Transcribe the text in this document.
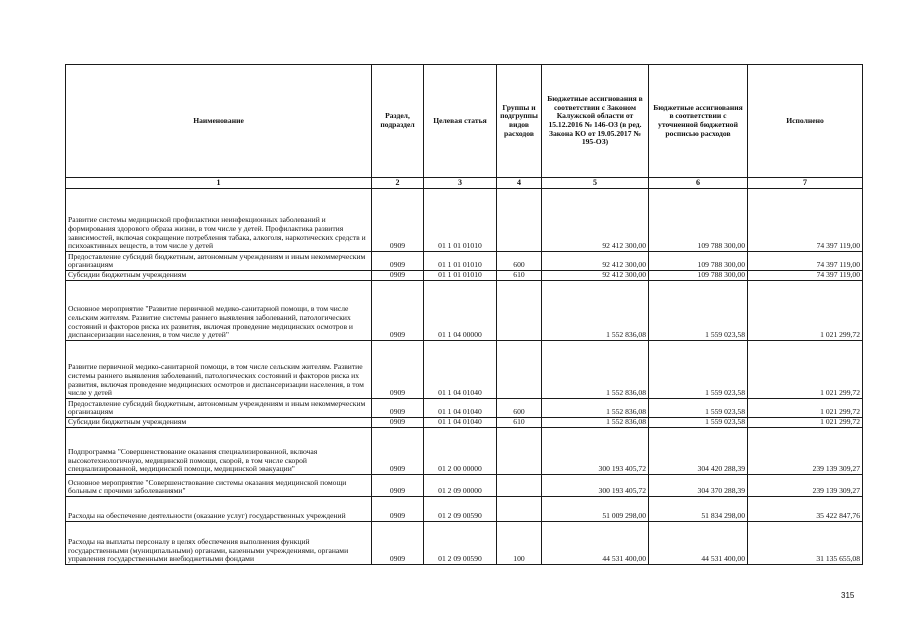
Наименование	Раздел, подраздел	Целевая статья	Группы и подгруппы видов расходов	Бюджетные ассигнования в соответствии с Законом Калужской области от 15.12.2016 № 146-ОЗ (в ред. Закона КО от 19.05.2017 № 195-ОЗ)	Бюджетные ассигнования в соответствии с уточненной бюджетной росписью расходов	Исполнено
1	2	3	4	5	6	7
Развитие системы медицинской профилактики неинфекционных заболеваний и формирования здорового образа жизни, в том числе у детей. Профилактика развития зависимостей, включая сокращение потребления табака, алкоголя, наркотических средств и психоактивных веществ, в том числе у детей	0909	01 1 01 01010		92 412 300,00	109 788 300,00	74 397 119,00
Предоставление субсидий бюджетным, автономным учреждениям и иным некоммерческим организациям	0909	01 1 01 01010	600	92 412 300,00	109 788 300,00	74 397 119,00
Субсидии бюджетным учреждениям	0909	01 1 01 01010	610	92 412 300,00	109 788 300,00	74 397 119,00
Основное мероприятие "Развитие первичной медико-санитарной помощи, в том числе сельским жителям. Развитие системы раннего выявления заболеваний, патологических состояний и факторов риска их развития, включая проведение медицинских осмотров и диспансеризации населения, в том числе у детей"	0909	01 1 04 00000		1 552 836,08	1 559 023,58	1 021 299,72
Развитие первичной медико-санитарной помощи, в том числе сельским жителям. Развитие системы раннего выявления заболеваний, патологических состояний и факторов риска их развития, включая проведение медицинских осмотров и диспансеризации населения, в том числе у детей	0909	01 1 04 01040		1 552 836,08	1 559 023,58	1 021 299,72
Предоставление субсидий бюджетным, автономным учреждениям и иным некоммерческим организациям	0909	01 1 04 01040	600	1 552 836,08	1 559 023,58	1 021 299,72
Субсидии бюджетным учреждениям	0909	01 1 04 01040	610	1 552 836,08	1 559 023,58	1 021 299,72
Подпрограмма "Совершенствование оказания специализированной, включая высокотехнологичную, медицинской помощи, скорой, в том числе скорой специализированной, медицинской помощи, медицинской эвакуации"	0909	01 2 00 00000		300 193 405,72	304 420 288,39	239 139 309,27
Основное мероприятие "Совершенствование системы оказания медицинской помощи больным с прочими заболеваниями"	0909	01 2 09 00000		300 193 405,72	304 370 288,39	239 139 309,27
Расходы на обеспечение деятельности (оказание услуг) государственных учреждений	0909	01 2 09 00590		51 009 298,00	51 834 298,00	35 422 847,76
Расходы на выплаты персоналу в целях обеспечения выполнения функций государственными (муниципальными) органами, казенными учреждениями, органами управления государственными внебюджетными фондами	0909	01 2 09 00590	100	44 531 400,00	44 531 400,00	31 135 655,08
315
